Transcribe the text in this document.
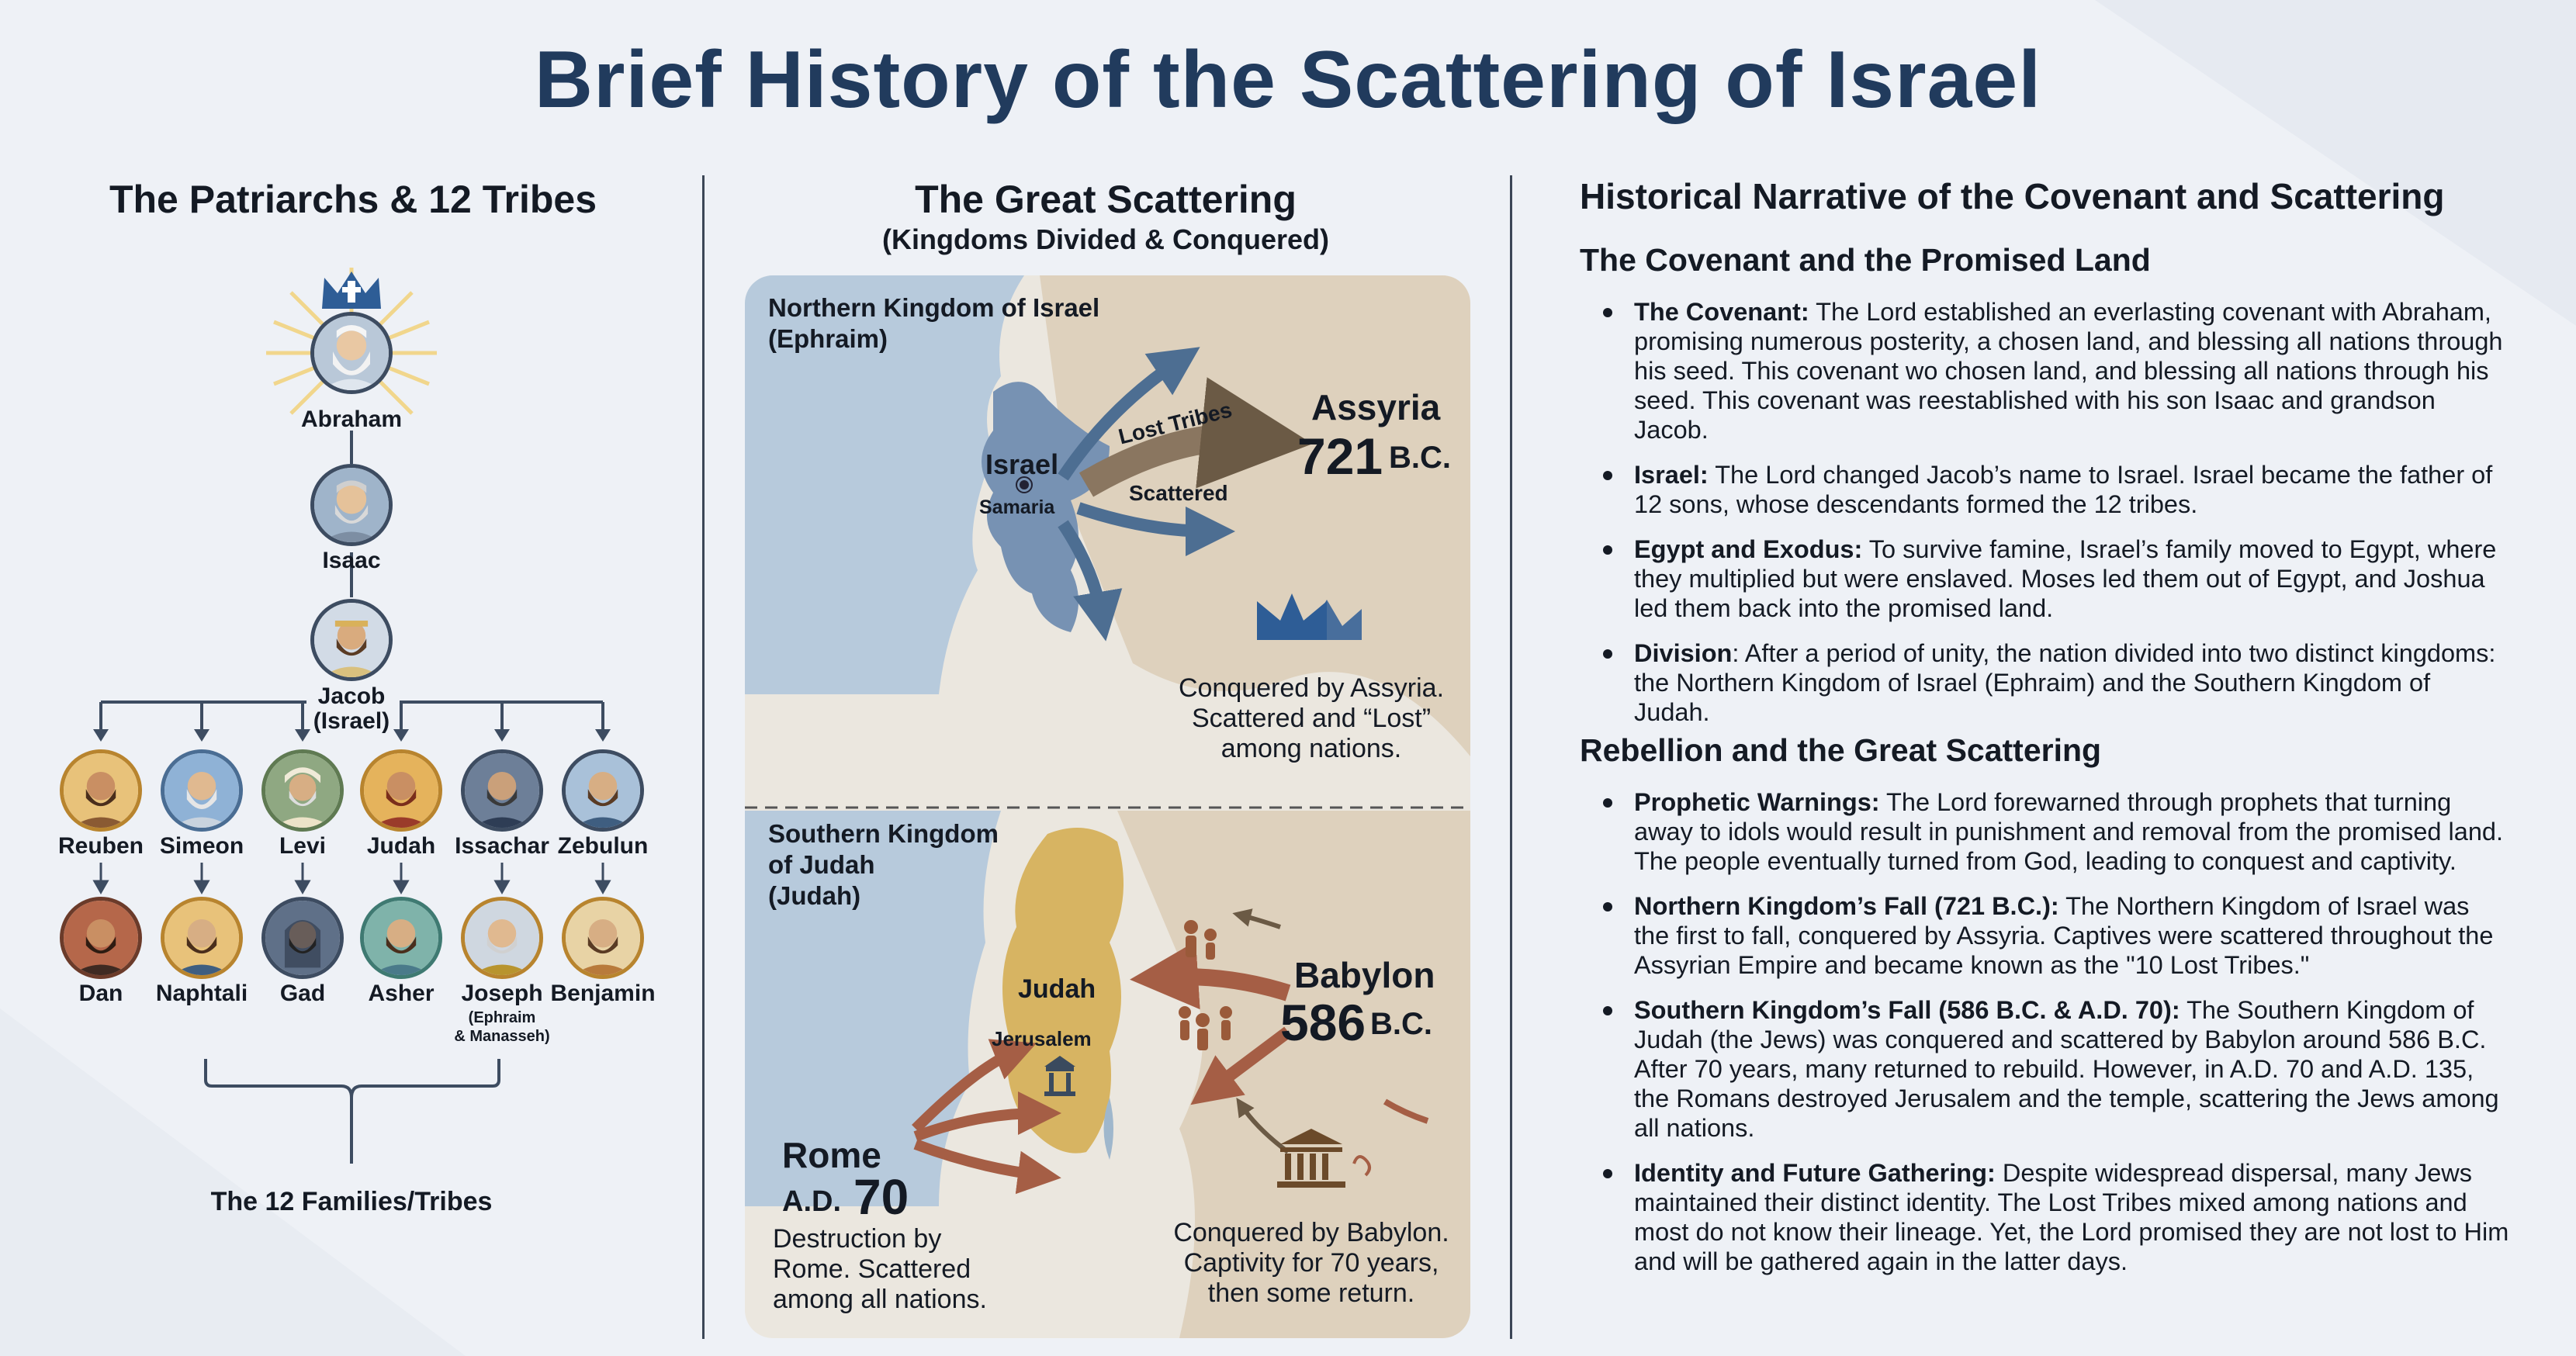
Brief History of the Scattering of Israel
The Patriarchs & 12 Tribes
Abraham
Isaac
Jacob
(Israel)
Reuben Simeon	Levi	Judah Issachar Zebulun
Dan	Naphtali	Gad	Asher	Joseph Benjamin
(Ephraim
& Manasseh)
The 12 Families/Tribes
The Great Scattering
(Kingdoms Divided & Conquered)
Northern Kingdom of Israel
(Ephraim)
Israel
Samaria
Lost Tribes
Scattered
Assyria
721 B.C.
Conquered by Assyria.
Scattered and “Lost”
among nations.
Southern Kingdom
of Judah
(Judah)
Judah
Jerusalem
Babylon
586 B.C.
Rome
A.D. 70
Destruction by
Rome. Scattered
among all nations.
Conquered by Babylon.
Captivity for 70 years,
then some return.
Historical Narrative of the Covenant and Scattering
The Covenant and the Promised Land
The Covenant: The Lord established an everlasting covenant with Abraham, promising numerous posterity, a chosen land, and blessing all nations through his seed. This covenant wo chosen land, and blessing all nations through his seed. This covenant was reestablished with his son Isaac and grandson Jacob.
Israel: The Lord changed Jacob’s name to Israel. Israel became the father of 12 sons, whose descendants formed the 12 tribes.
Egypt and Exodus: To survive famine, Israel’s family moved to Egypt, where they multiplied but were enslaved. Moses led them out of Egypt, and Joshua led them back into the promised land.
Division: After a period of unity, the nation divided into two distinct kingdoms: the Northern Kingdom of Israel (Ephraim) and the Southern Kingdom of Judah.
Rebellion and the Great Scattering
Prophetic Warnings: The Lord forewarned through prophets that turning away to idols would result in punishment and removal from the promised land. The people eventually turned from God, leading to conquest and captivity.
Northern Kingdom’s Fall (721 B.C.): The Northern Kingdom of Israel was the first to fall, conquered by Assyria. Captives were scattered throughout the Assyrian Empire and became known as the "10 Lost Tribes."
Southern Kingdom’s Fall (586 B.C. & A.D. 70): The Southern Kingdom of Judah (the Jews) was conquered and scattered by Babylon around 586 B.C. After 70 years, many returned to rebuild. However, in A.D. 70 and A.D. 135, the Romans destroyed Jerusalem and the temple, scattering the Jews among all nations.
Identity and Future Gathering: Despite widespread dispersal, many Jews maintained their distinct identity. The Lost Tribes mixed among nations and most do not know their lineage. Yet, the Lord promised they are not lost to Him and will be gathered again in the latter days.
